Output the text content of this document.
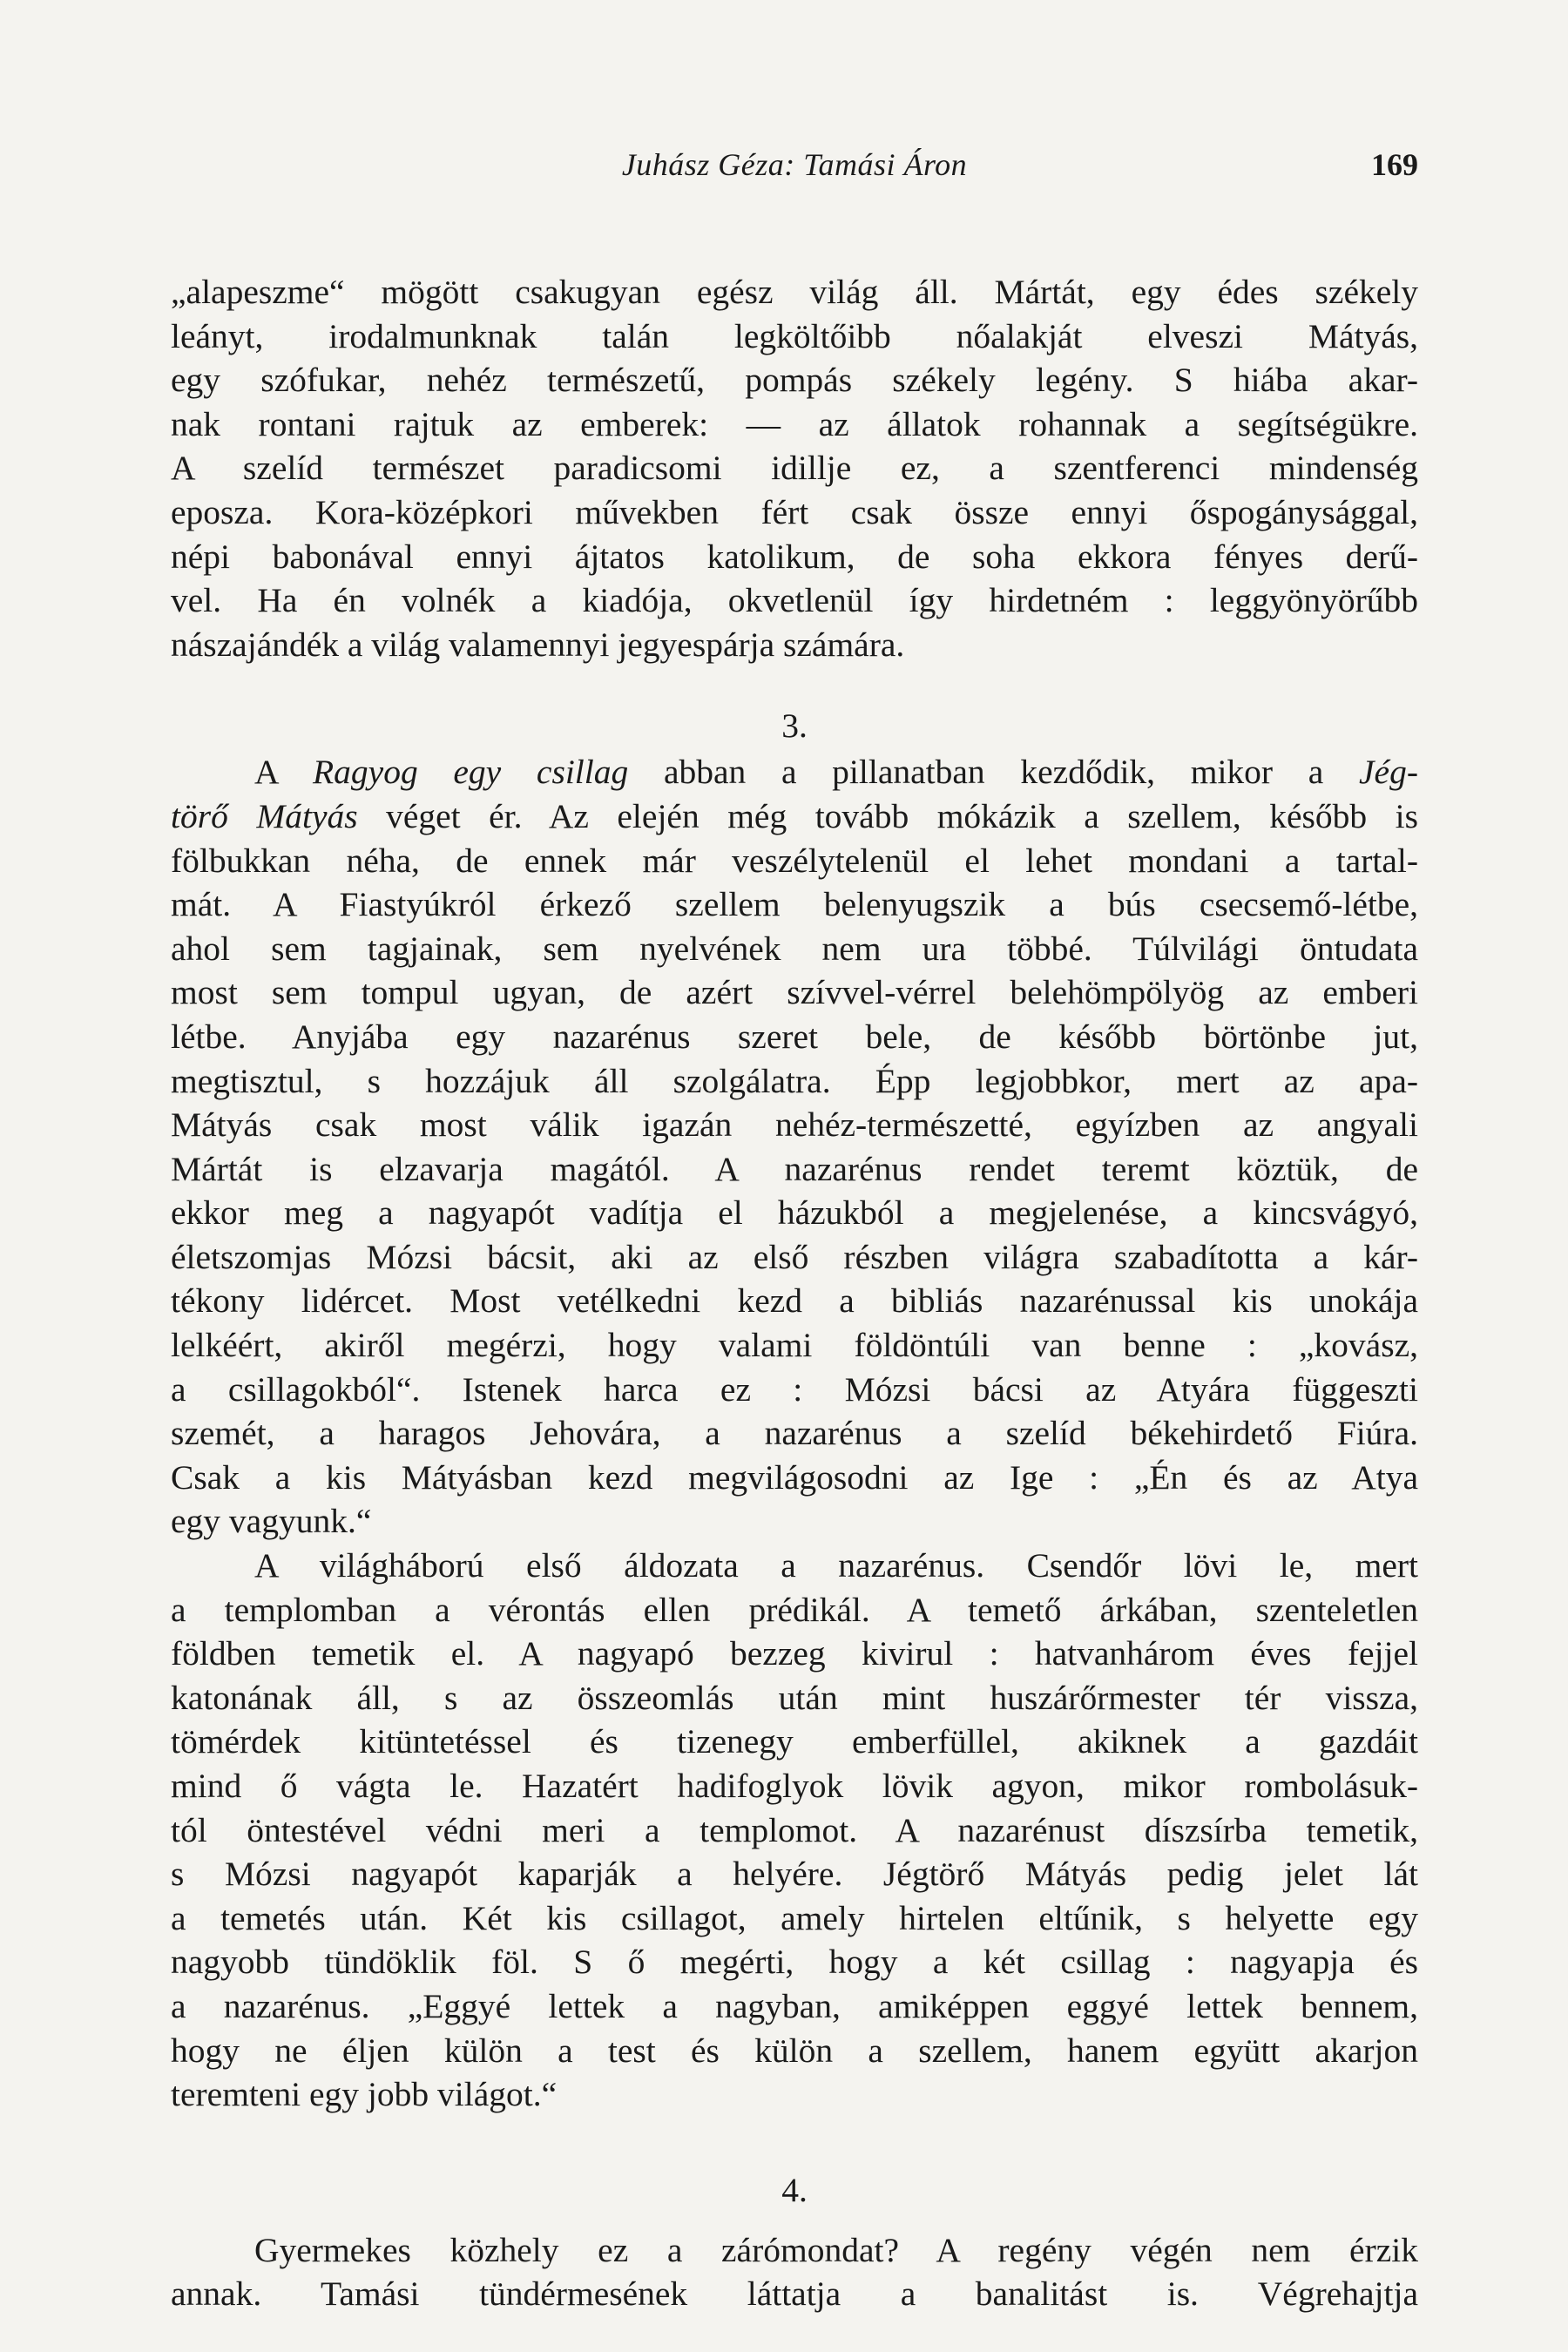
Juhász Géza: Tamási Áron	169
„alapeszme“ mögött csakugyan egész világ áll. Mártát, egy édes székely
leányt, irodalmunknak talán legköltőibb nőalakját elveszi Mátyás,
egy szófukar, nehéz természetű, pompás székely legény. S hiába akar-
nak rontani rajtuk az emberek: — az állatok rohannak a segítségükre.
A szelíd természet paradicsomi idillje ez, a szentferenci mindenség
eposza. Kora-középkori művekben fért csak össze ennyi őspogánysággal,
népi babonával ennyi ájtatos katolikum, de soha ekkora fényes derű-
vel. Ha én volnék a kiadója, okvetlenül így hirdetném : leggyönyörűbb
nászajándék a világ valamennyi jegyespárja számára.
3.
A Ragyog egy csillag abban a pillanatban kezdődik, mikor a Jég-
törő Mátyás véget ér. Az elején még tovább mókázik a szellem, később is
fölbukkan néha, de ennek már veszélytelenül el lehet mondani a tartal-
mát. A Fiastyúkról érkező szellem belenyugszik a bús csecsemő-létbe,
ahol sem tagjainak, sem nyelvének nem ura többé. Túlvilági öntudata
most sem tompul ugyan, de azért szívvel-vérrel belehömpölyög az emberi
létbe. Anyjába egy nazarénus szeret bele, de később börtönbe jut,
megtisztul, s hozzájuk áll szolgálatra. Épp legjobbkor, mert az apa-
Mátyás csak most válik igazán nehéz-természetté, egyízben az angyali
Mártát is elzavarja magától. A nazarénus rendet teremt köztük, de
ekkor meg a nagyapót vadítja el házukból a megjelenése, a kincsvágyó,
életszomjas Mózsi bácsit, aki az első részben világra szabadította a kár-
tékony lidércet. Most vetélkedni kezd a bibliás nazarénussal kis unokája
lelkéért, akiről megérzi, hogy valami földöntúli van benne : „kovász,
a csillagokból“. Istenek harca ez : Mózsi bácsi az Atyára függeszti
szemét, a haragos Jehovára, a nazarénus a szelíd békehirdető Fiúra.
Csak a kis Mátyásban kezd megvilágosodni az Ige : „Én és az Atya
egy vagyunk.“
A világháború első áldozata a nazarénus. Csendőr lövi le, mert
a templomban a vérontás ellen prédikál. A temető árkában, szenteletlen
földben temetik el. A nagyapó bezzeg kivirul : hatvanhárom éves fejjel
katonának áll, s az összeomlás után mint huszárőrmester tér vissza,
tömérdek kitüntetéssel és tizenegy emberfüllel, akiknek a gazdáit
mind ő vágta le. Hazatért hadifoglyok lövik agyon, mikor rombolásuk-
tól öntestével védni meri a templomot. A nazarénust díszsírba temetik,
s Mózsi nagyapót kaparják a helyére. Jégtörő Mátyás pedig jelet lát
a temetés után. Két kis csillagot, amely hirtelen eltűnik, s helyette egy
nagyobb tündöklik föl. S ő megérti, hogy a két csillag : nagyapja és
a nazarénus. „Eggyé lettek a nagyban, amiképpen eggyé lettek bennem,
hogy ne éljen külön a test és külön a szellem, hanem együtt akarjon
teremteni egy jobb világot.“
4.
Gyermekes közhely ez a zárómondat? A regény végén nem érzik
annak. Tamási tündérmesének láttatja a banalitást is. Végrehajtja
